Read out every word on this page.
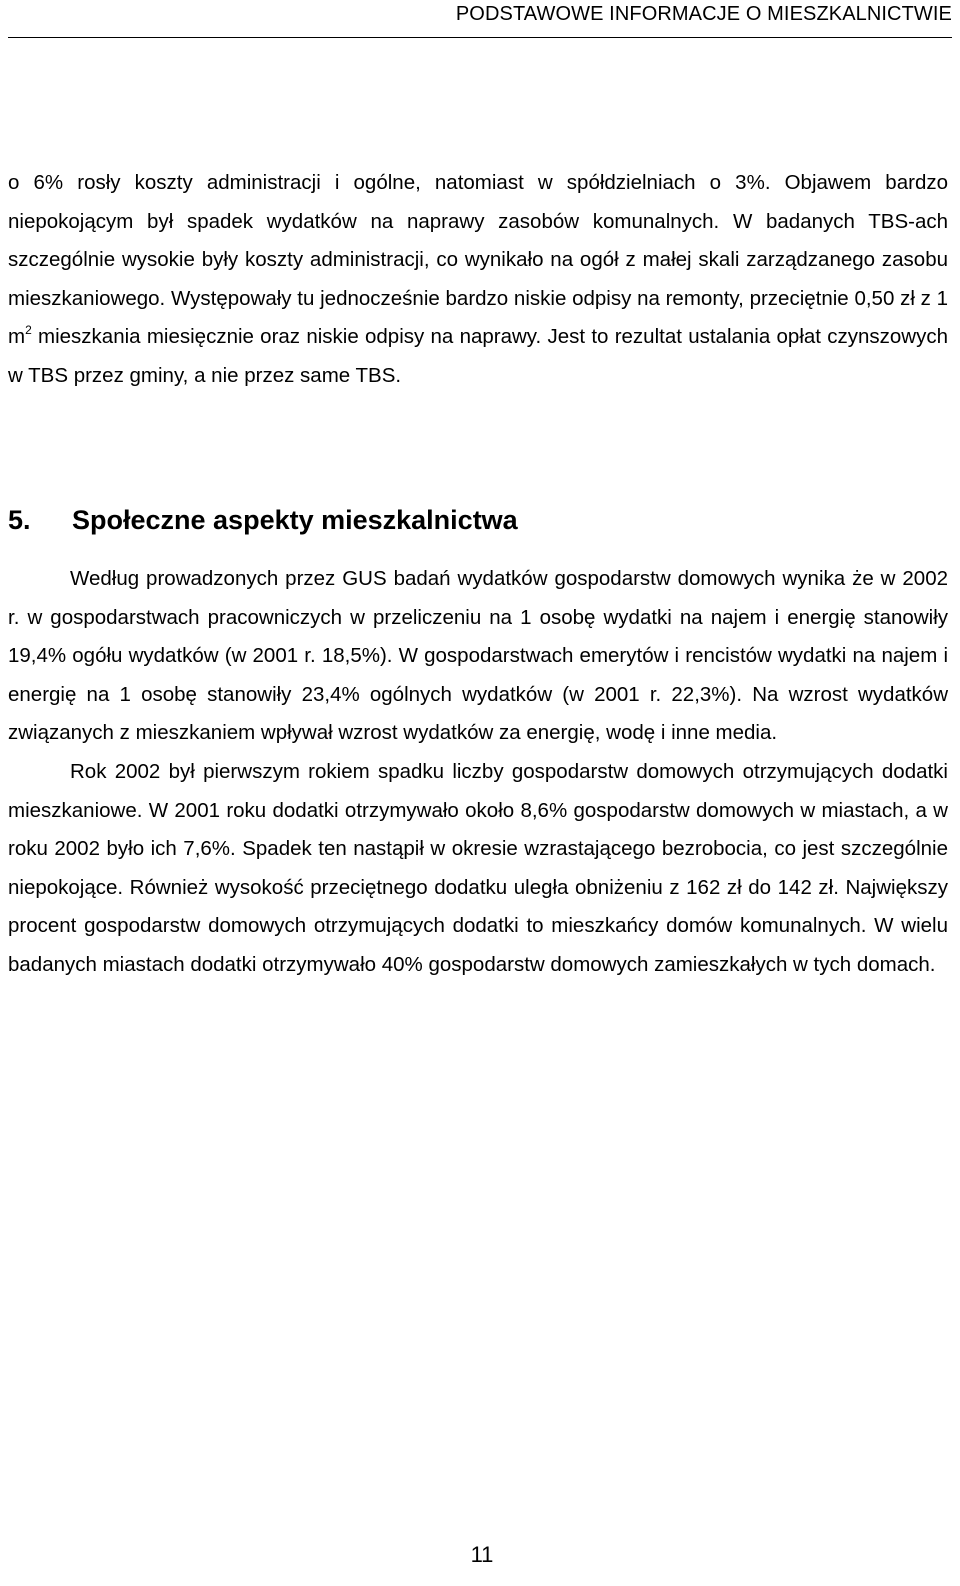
PODSTAWOWE INFORMACJE O MIESZKALNICTWIE

o 6% rosły koszty administracji i ogólne, natomiast w spółdzielniach o 3%. Objawem bardzo niepokojącym był spadek wydatków na naprawy zasobów komunalnych. W badanych TBS-ach szczególnie wysokie były koszty administracji, co wynikało na ogół z małej skali zarządzanego zasobu mieszkaniowego. Występowały tu jednocześnie bardzo niskie odpisy na remonty, przeciętnie 0,50 zł z 1 $m^2$ mieszkania miesięcznie oraz niskie odpisy na naprawy. Jest to rezultat ustalania opłat czynszowych w TBS przez gminy, a nie przez same TBS.

5. Społeczne aspekty mieszkalnictwa

Według prowadzonych przez GUS badań wydatków gospodarstw domowych wynika że w 2002 r. w gospodarstwach pracowniczych w przeliczeniu na 1 osobę wydatki na najem i energię stanowiły 19,4% ogółu wydatków (w 2001 r. 18,5%). W gospodarstwach emerytów i rencistów wydatki na najem i energię na 1 osobę stanowiły 23,4% ogólnych wydatków (w 2001 r. 22,3%). Na wzrost wydatków związanych z mieszkaniem wpływał wzrost wydatków za energię, wodę i inne media.

Rok 2002 był pierwszym rokiem spadku liczby gospodarstw domowych otrzymujących dodatki mieszkaniowe. W 2001 roku dodatki otrzymywało około 8,6% gospodarstw domowych w miastach, a w roku 2002 było ich 7,6%. Spadek ten nastąpił w okresie wzrastającego bezrobocia, co jest szczególnie niepokojące. Również wysokość przeciętnego dodatku uległa obniżeniu z 162 zł do 142 zł. Największy procent gospodarstw domowych otrzymujących dodatki to mieszkańcy domów komunalnych. W wielu badanych miastach dodatki otrzymywało 40% gospodarstw domowych zamieszkałych w tych domach.

11
